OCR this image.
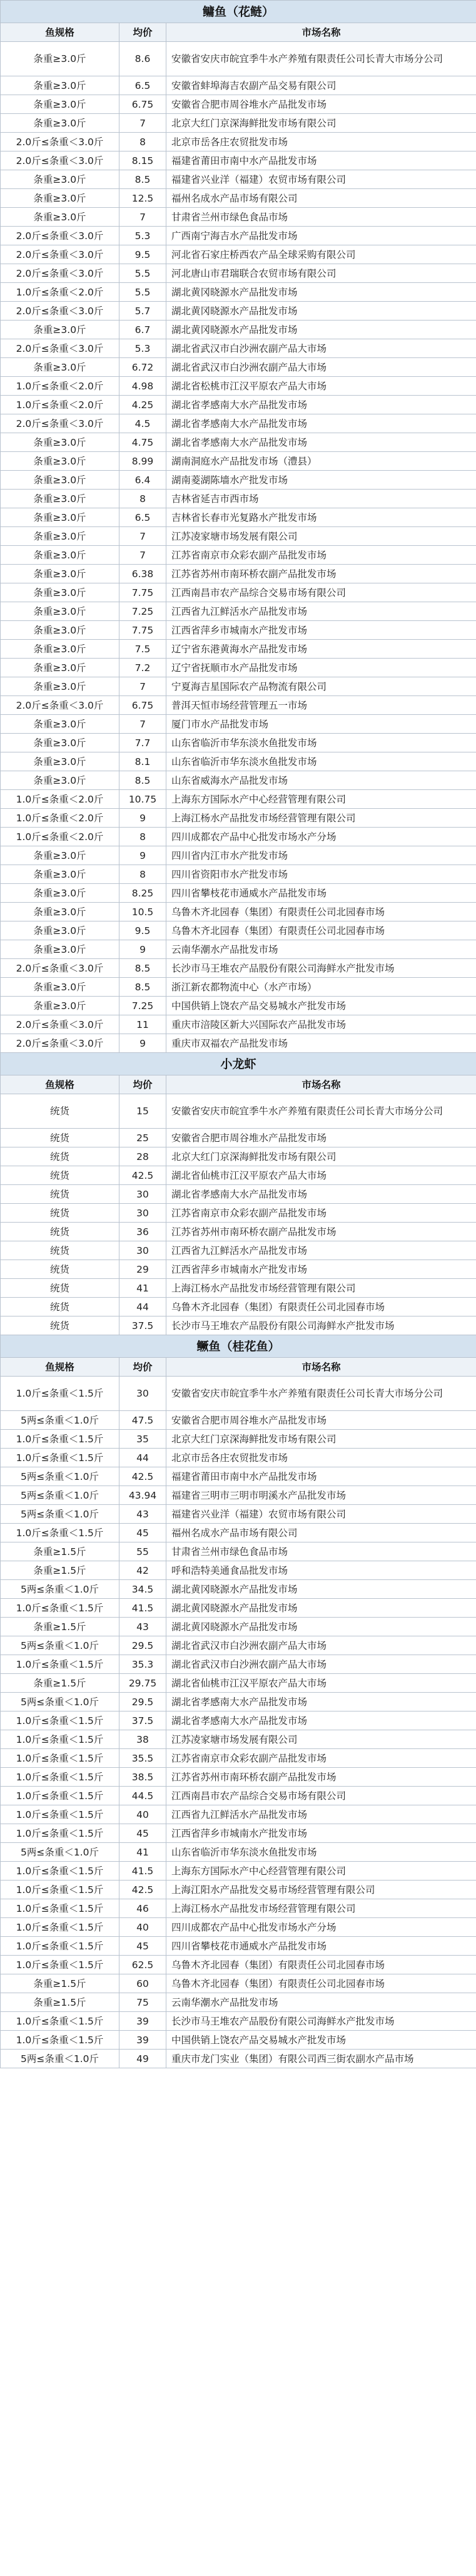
鳙鱼（花鲢）		
鱼规格	均价	市场名称
条重≥3.0斤	8.6	安徽省安庆市皖宜季牛水产养殖有限责任公司长青大市场分公司
条重≥3.0斤	6.5	安徽省蚌埠海吉农副产品交易有限公司
条重≥3.0斤	6.75	安徽省合肥市周谷堆水产品批发市场
条重≥3.0斤	7	北京大红门京深海鲜批发市场有限公司
2.0斤≤条重＜3.0斤	8	北京市岳各庄农贸批发市场
2.0斤≤条重＜3.0斤	8.15	福建省莆田市南中水产品批发市场
条重≥3.0斤	8.5	福建省兴业洋（福建）农贸市场有限公司
条重≥3.0斤	12.5	福州名成水产品市场有限公司
条重≥3.0斤	7	甘肃省兰州市绿色食品市场
2.0斤≤条重＜3.0斤	5.3	广西南宁海吉水产品批发市场
2.0斤≤条重＜3.0斤	9.5	河北省石家庄桥西农产品全球采购有限公司
2.0斤≤条重＜3.0斤	5.5	河北唐山市君瑞联合农贸市场有限公司
1.0斤≤条重＜2.0斤	5.5	湖北黄冈晓源水产品批发市场
2.0斤≤条重＜3.0斤	5.7	湖北黄冈晓源水产品批发市场
条重≥3.0斤	6.7	湖北黄冈晓源水产品批发市场
2.0斤≤条重＜3.0斤	5.3	湖北省武汉市白沙洲农副产品大市场
条重≥3.0斤	6.72	湖北省武汉市白沙洲农副产品大市场
1.0斤≤条重＜2.0斤	4.98	湖北省松桃市江汉平原农产品大市场
1.0斤≤条重＜2.0斤	4.25	湖北省孝感南大水产品批发市场
2.0斤≤条重＜3.0斤	4.5	湖北省孝感南大水产品批发市场
条重≥3.0斤	4.75	湖北省孝感南大水产品批发市场
条重≥3.0斤	8.99	湖南洞庭水产品批发市场（澧县）
条重≥3.0斤	6.4	湖南菱湖陈墙水产批发市场
条重≥3.0斤	8	吉林省延吉市西市场
条重≥3.0斤	6.5	吉林省长春市光复路水产批发市场
条重≥3.0斤	7	江苏凌家塘市场发展有限公司
条重≥3.0斤	7	江苏省南京市众彩农副产品批发市场
条重≥3.0斤	6.38	江苏省苏州市南环桥农副产品批发市场
条重≥3.0斤	7.75	江西南昌市农产品综合交易市场有限公司
条重≥3.0斤	7.25	江西省九江鲜活水产品批发市场
条重≥3.0斤	7.75	江西省萍乡市城南水产批发市场
条重≥3.0斤	7.5	辽宁省东港黄海水产品批发市场
条重≥3.0斤	7.2	辽宁省抚顺市水产品批发市场
条重≥3.0斤	7	宁夏海吉星国际农产品物流有限公司
2.0斤≤条重＜3.0斤	6.75	普洱天恒市场经营管理五一市场
条重≥3.0斤	7	厦门市水产品批发市场
条重≥3.0斤	7.7	山东省临沂市华东淡水鱼批发市场
条重≥3.0斤	8.1	山东省临沂市华东淡水鱼批发市场
条重≥3.0斤	8.5	山东省威海水产品批发市场
1.0斤≤条重＜2.0斤	10.75	上海东方国际水产中心经营管理有限公司
1.0斤≤条重＜2.0斤	9	上海江杨水产品批发市场经营管理有限公司
1.0斤≤条重＜2.0斤	8	四川成都农产品中心批发市场水产分场
条重≥3.0斤	9	四川省内江市水产批发市场
条重≥3.0斤	8	四川省资阳市水产批发市场
条重≥3.0斤	8.25	四川省攀枝花市通威水产品批发市场
条重≥3.0斤	10.5	乌鲁木齐北园春（集团）有限责任公司北园春市场
条重≥3.0斤	9.5	乌鲁木齐北园春（集团）有限责任公司北园春市场
条重≥3.0斤	9	云南华潮水产品批发市场
2.0斤≤条重＜3.0斤	8.5	长沙市马王堆农产品股份有限公司海鲜水产批发市场
条重≥3.0斤	8.5	浙江新农都物流中心（水产市场）
条重≥3.0斤	7.25	中国供销上饶农产品交易城水产批发市场
2.0斤≤条重＜3.0斤	11	重庆市涪陵区新大兴国际农产品批发市场
2.0斤≤条重＜3.0斤	9	重庆市双福农产品批发市场
小龙虾		
鱼规格	均价	市场名称
统货	15	安徽省安庆市皖宜季牛水产养殖有限责任公司长青大市场分公司
统货	25	安徽省合肥市周谷堆水产品批发市场
统货	28	北京大红门京深海鲜批发市场有限公司
统货	42.5	湖北省仙桃市江汉平原农产品大市场
统货	30	湖北省孝感南大水产品批发市场
统货	30	江苏省南京市众彩农副产品批发市场
统货	36	江苏省苏州市南环桥农副产品批发市场
统货	30	江西省九江鲜活水产品批发市场
统货	29	江西省萍乡市城南水产批发市场
统货	41	上海江杨水产品批发市场经营管理有限公司
统货	44	乌鲁木齐北园春（集团）有限责任公司北园春市场
统货	37.5	长沙市马王堆农产品股份有限公司海鲜水产批发市场
鳜鱼（桂花鱼）		
鱼规格	均价	市场名称
1.0斤≤条重＜1.5斤	30	安徽省安庆市皖宜季牛水产养殖有限责任公司长青大市场分公司
5两≤条重＜1.0斤	47.5	安徽省合肥市周谷堆水产品批发市场
1.0斤≤条重＜1.5斤	35	北京大红门京深海鲜批发市场有限公司
1.0斤≤条重＜1.5斤	44	北京市岳各庄农贸批发市场
5两≤条重＜1.0斤	42.5	福建省莆田市南中水产品批发市场
5两≤条重＜1.0斤	43.94	福建省三明市三明市明溪水产品批发市场
5两≤条重＜1.0斤	43	福建省兴业洋（福建）农贸市场有限公司
1.0斤≤条重＜1.5斤	45	福州名成水产品市场有限公司
条重≥1.5斤	55	甘肃省兰州市绿色食品市场
条重≥1.5斤	42	呼和浩特美通食品批发市场
5两≤条重＜1.0斤	34.5	湖北黄冈晓源水产品批发市场
1.0斤≤条重＜1.5斤	41.5	湖北黄冈晓源水产品批发市场
条重≥1.5斤	43	湖北黄冈晓源水产品批发市场
5两≤条重＜1.0斤	29.5	湖北省武汉市白沙洲农副产品大市场
1.0斤≤条重＜1.5斤	35.3	湖北省武汉市白沙洲农副产品大市场
条重≥1.5斤	29.75	湖北省仙桃市江汉平原农产品大市场
5两≤条重＜1.0斤	29.5	湖北省孝感南大水产品批发市场
1.0斤≤条重＜1.5斤	37.5	湖北省孝感南大水产品批发市场
1.0斤≤条重＜1.5斤	38	江苏凌家塘市场发展有限公司
1.0斤≤条重＜1.5斤	35.5	江苏省南京市众彩农副产品批发市场
1.0斤≤条重＜1.5斤	38.5	江苏省苏州市南环桥农副产品批发市场
1.0斤≤条重＜1.5斤	44.5	江西南昌市农产品综合交易市场有限公司
1.0斤≤条重＜1.5斤	40	江西省九江鲜活水产品批发市场
1.0斤≤条重＜1.5斤	45	江西省萍乡市城南水产批发市场
5两≤条重＜1.0斤	41	山东省临沂市华东淡水鱼批发市场
1.0斤≤条重＜1.5斤	41.5	上海东方国际水产中心经营管理有限公司
1.0斤≤条重＜1.5斤	42.5	上海江阳水产品批发交易市场经营管理有限公司
1.0斤≤条重＜1.5斤	46	上海江杨水产品批发市场经营管理有限公司
1.0斤≤条重＜1.5斤	40	四川成都农产品中心批发市场水产分场
1.0斤≤条重＜1.5斤	45	四川省攀枝花市通威水产品批发市场
1.0斤≤条重＜1.5斤	62.5	乌鲁木齐北园春（集团）有限责任公司北园春市场
条重≥1.5斤	60	乌鲁木齐北园春（集团）有限责任公司北园春市场
条重≥1.5斤	75	云南华潮水产品批发市场
1.0斤≤条重＜1.5斤	39	长沙市马王堆农产品股份有限公司海鲜水产批发市场
1.0斤≤条重＜1.5斤	39	中国供销上饶农产品交易城水产批发市场
5两≤条重＜1.0斤	49	重庆市龙门实业（集团）有限公司西三街农副水产品市场
